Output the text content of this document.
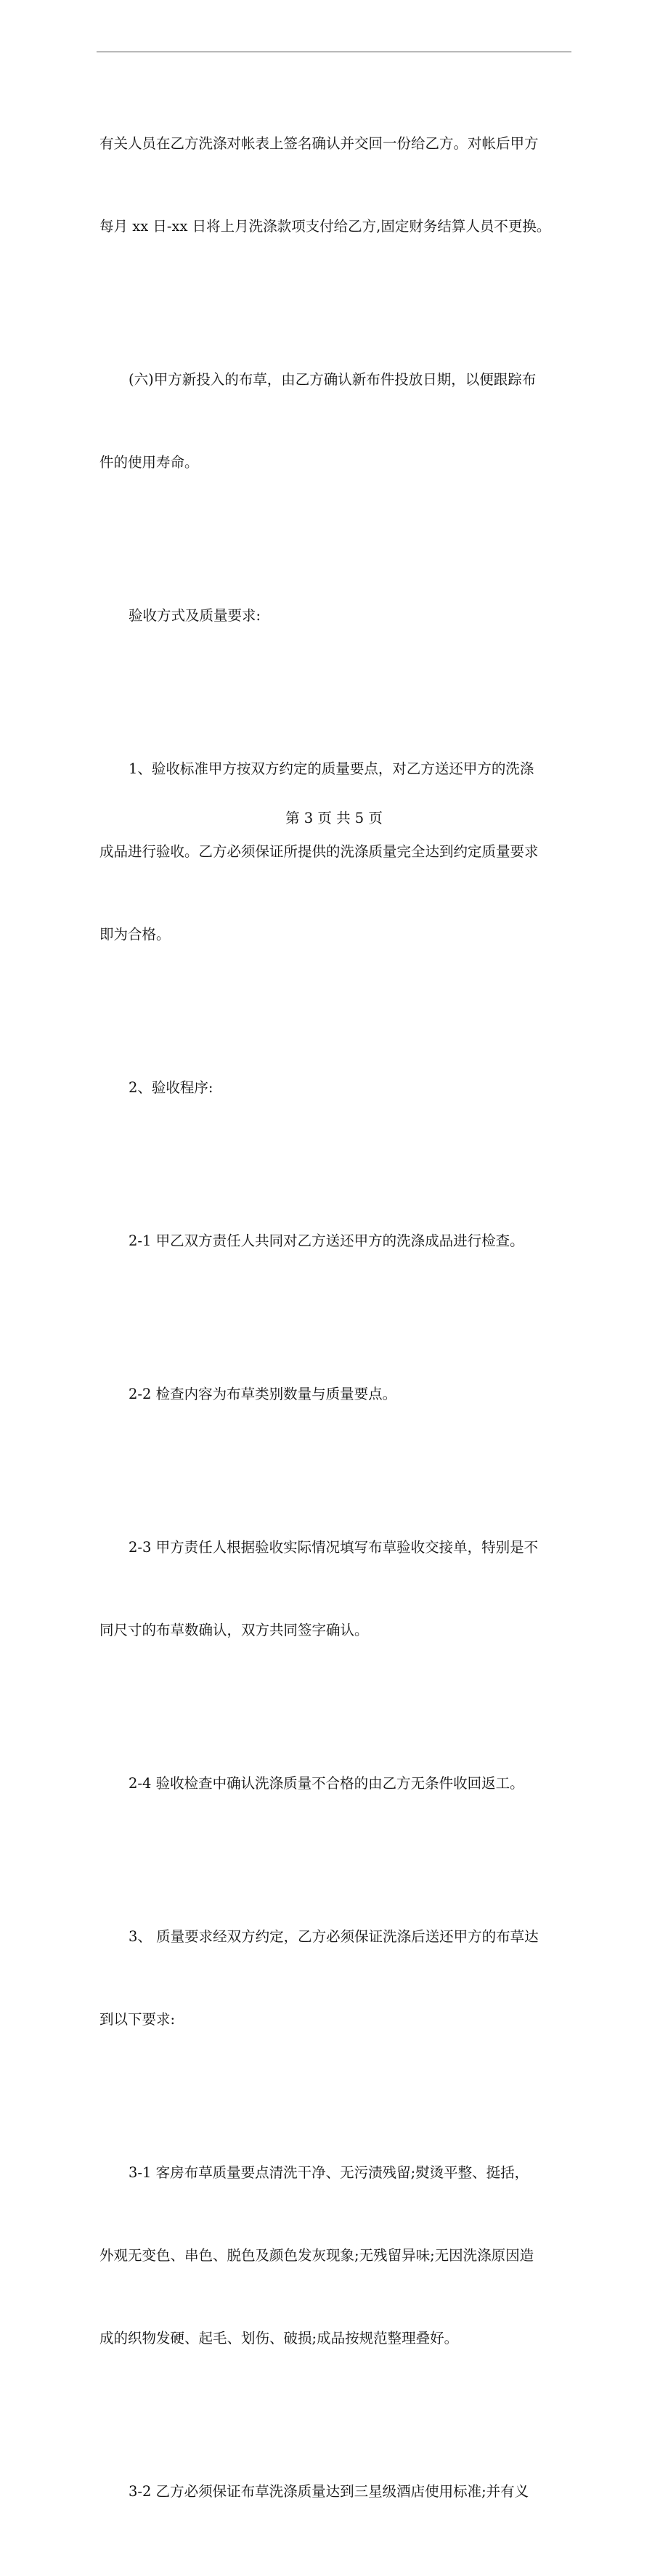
有关人员在乙方洗涤对帐表上签名确认并交回一份给乙方。对帐后甲方

每月 xx 日-xx 日将上月洗涤款项支付给乙方,固定财务结算人员不更换。

(六)甲方新投入的布草，由乙方确认新布件投放日期，以便跟踪布

件的使用寿命。

验收方式及质量要求:

1、验收标准甲方按双方约定的质量要点，对乙方送还甲方的洗涤

成品进行验收。乙方必须保证所提供的洗涤质量完全达到约定质量要求

即为合格。

2、验收程序:

2-1 甲乙双方责任人共同对乙方送还甲方的洗涤成品进行检查。

2-2 检查内容为布草类别数量与质量要点。

2-3 甲方责任人根据验收实际情况填写布草验收交接单，特别是不

同尺寸的布草数确认，双方共同签字确认。

2-4 验收检查中确认洗涤质量不合格的由乙方无条件收回返工。

3、 质量要求经双方约定，乙方必须保证洗涤后送还甲方的布草达

到以下要求:

3-1 客房布草质量要点清洗干净、无污渍残留;熨烫平整、挺括，

外观无变色、串色、脱色及颜色发灰现象;无残留异味;无因洗涤原因造

成的织物发硬、起毛、划伤、破损;成品按规范整理叠好。

3-2 乙方必须保证布草洗涤质量达到三星级酒店使用标准;并有义

第 3 页 共 5 页
